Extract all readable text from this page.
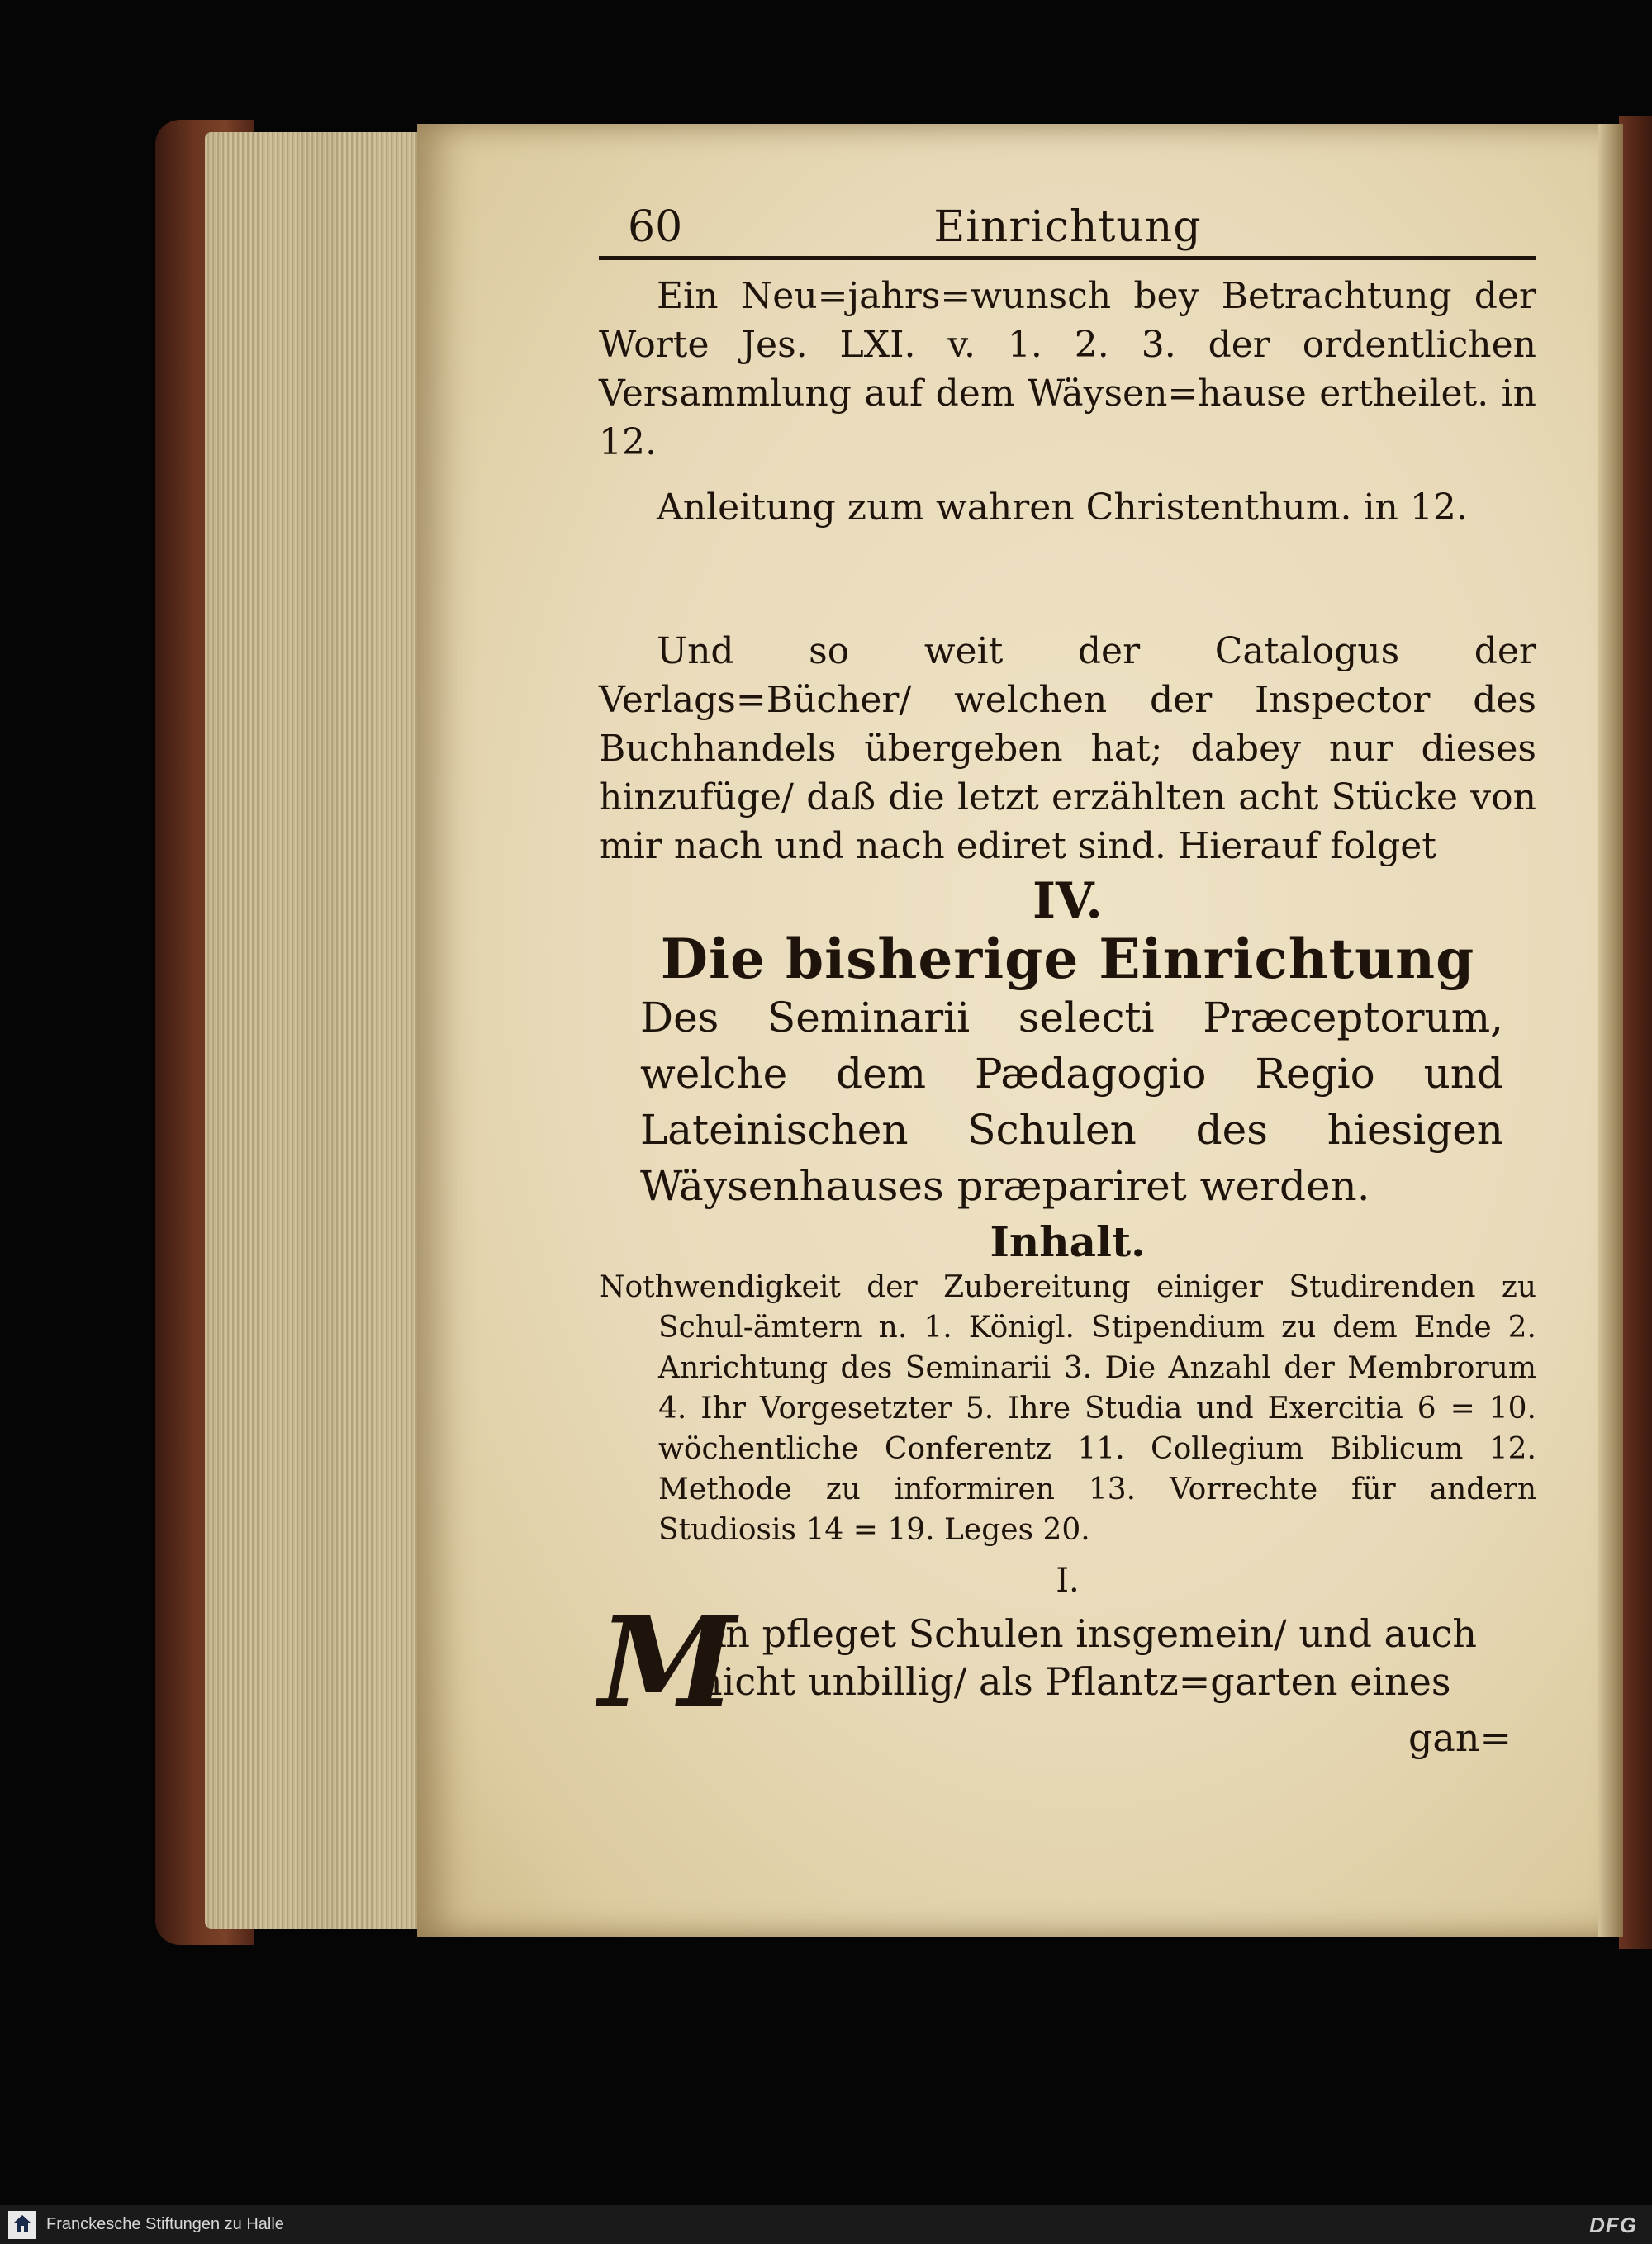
60	Einrichtung

Ein Neu=jahrs=wunsch bey Betrachtung der Worte Jes. LXI. v. 1. 2. 3. der ordentlichen Versammlung auf dem Wäysen=hause ertheilet. in 12.

Anleitung zum wahren Christenthum. in 12.

Und so weit der Catalogus der Verlags=Bücher/ welchen der Inspector des Buchhandels übergeben hat; dabey nur dieses hinzufüge/ daß die letzt erzählten acht Stücke von mir nach und nach ediret sind. Hierauf folget

IV.
Die bisherige Einrichtung

Des Seminarii selecti Præceptorum, welche dem Pædagogio Regio und Lateinischen Schulen des hiesigen Wäysenhauses præpariret werden.

Inhalt.

Nothwendigkeit der Zubereitung einiger Studirenden zu Schul-ämtern n. 1. Königl. Stipendium zu dem Ende 2. Anrichtung des Seminarii 3. Die Anzahl der Membrorum 4. Ihr Vorgesetzter 5. Ihre Studia und Exercitia 6 = 10. wöchentliche Conferentz 11. Collegium Biblicum 12. Methode zu informiren 13. Vorrechte für andern Studiosis 14 = 19. Leges 20.

I.
M
An pfleget Schulen insgemein/ und auch nicht unbillig/ als Pflantz=garten eines
gan=
Franckesche Stiftungen zu Halle	DFG
